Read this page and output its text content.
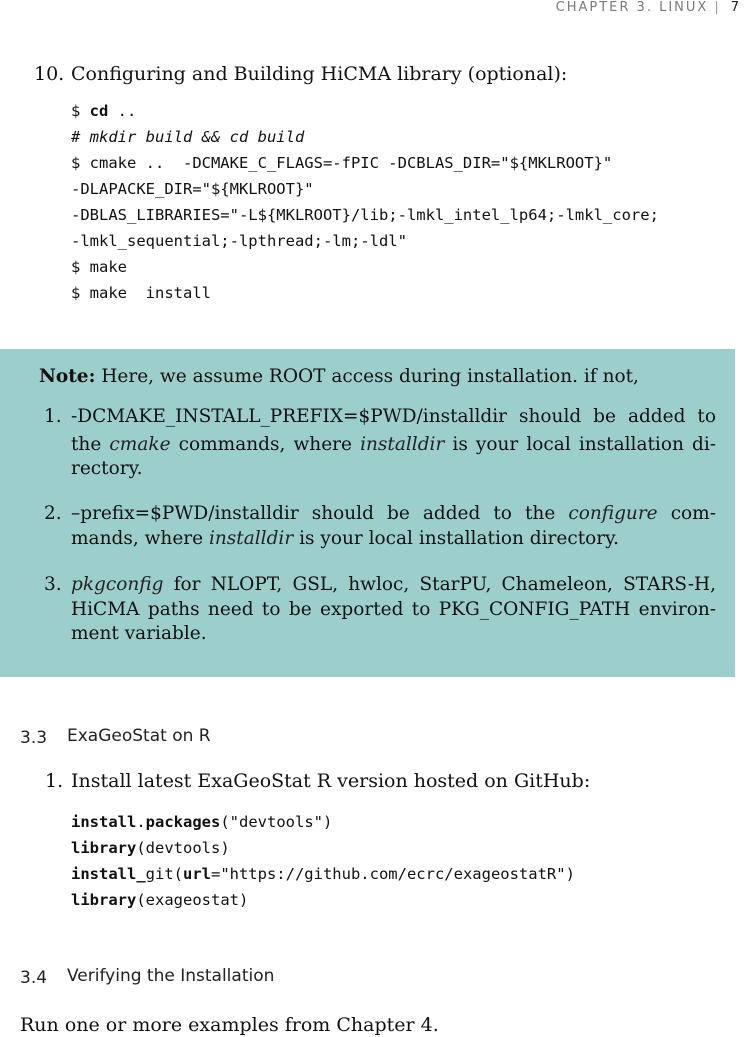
CHAPTER 3. LINUX | 7
10. Configuring and Building HiCMA library (optional):
$ cd ..
# mkdir build && cd build
$ cmake ..  -DCMAKE_C_FLAGS=-fPIC -DCBLAS_DIR="${MKLROOT}"
-DLAPACKE_DIR="${MKLROOT}"
-DBLAS_LIBRARIES="-L${MKLROOT}/lib;-lmkl_intel_lp64;-lmkl_core;
-lmkl_sequential;-lpthread;-lm;-ldl"
$ make
$ make  install
Note: Here, we assume ROOT access during installation. if not,
1. -DCMAKE_INSTALL_PREFIX=$PWD/installdir should be added to
the cmake commands, where installdir is your local installation di-
rectory.
2. –prefix=$PWD/installdir should be added to the configure com-
mands, where installdir is your local installation directory.
3. pkgconfig for NLOPT, GSL, hwloc, StarPU, Chameleon, STARS-H,
HiCMA paths need to be exported to PKG_CONFIG_PATH environ-
ment variable.
3.3 ExaGeoStat on R
1. Install latest ExaGeoStat R version hosted on GitHub:
install.packages("devtools")
library(devtools)
install_git(url="https://github.com/ecrc/exageostatR")
library(exageostat)
3.4 Verifying the Installation
Run one or more examples from Chapter 4.
